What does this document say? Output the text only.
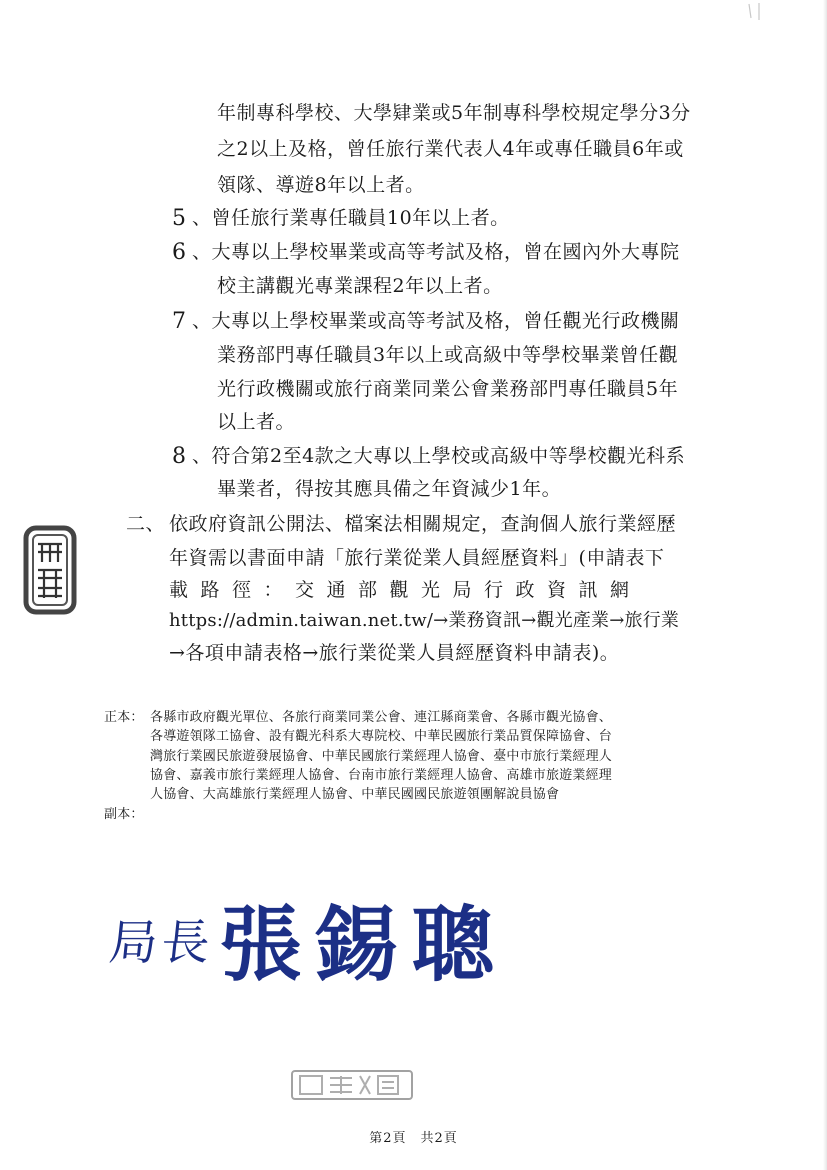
年制專科學校、大學肄業或5年制專科學校規定學分3分
之2以上及格，曾任旅行業代表人4年或專任職員6年或
領隊、導遊8年以上者。
5 、曾任旅行業專任職員10年以上者。
6 、大專以上學校畢業或高等考試及格，曾在國內外大專院
校主講觀光專業課程2年以上者。
7 、大專以上學校畢業或高等考試及格，曾任觀光行政機關
業務部門專任職員3年以上或高級中等學校畢業曾任觀
光行政機關或旅行商業同業公會業務部門專任職員5年
以上者。
8 、符合第2至4款之大專以上學校或高級中等學校觀光科系
畢業者，得按其應具備之年資減少1年。
二、 依政府資訊公開法、檔案法相關規定，查詢個人旅行業經歷
年資需以書面申請「旅行業從業人員經歷資料」(申請表下
載路徑：交通部觀光局行政資訊網
https://admin.taiwan.net.tw/→業務資訊→觀光產業→旅行業
→各項申請表格→旅行業從業人員經歷資料申請表)。
正本： 各縣市政府觀光單位、各旅行商業同業公會、連江縣商業會、各縣市觀光協會、
各導遊領隊工協會、設有觀光科系大專院校、中華民國旅行業品質保障協會、台
灣旅行業國民旅遊發展協會、中華民國旅行業經理人協會、臺中市旅行業經理人
協會、嘉義市旅行業經理人協會、台南市旅行業經理人協會、高雄市旅遊業經理
人協會、大高雄旅行業經理人協會、中華民國國民旅遊領團解說員協會
副本：
局長 張錫聰
第2頁 共2頁
